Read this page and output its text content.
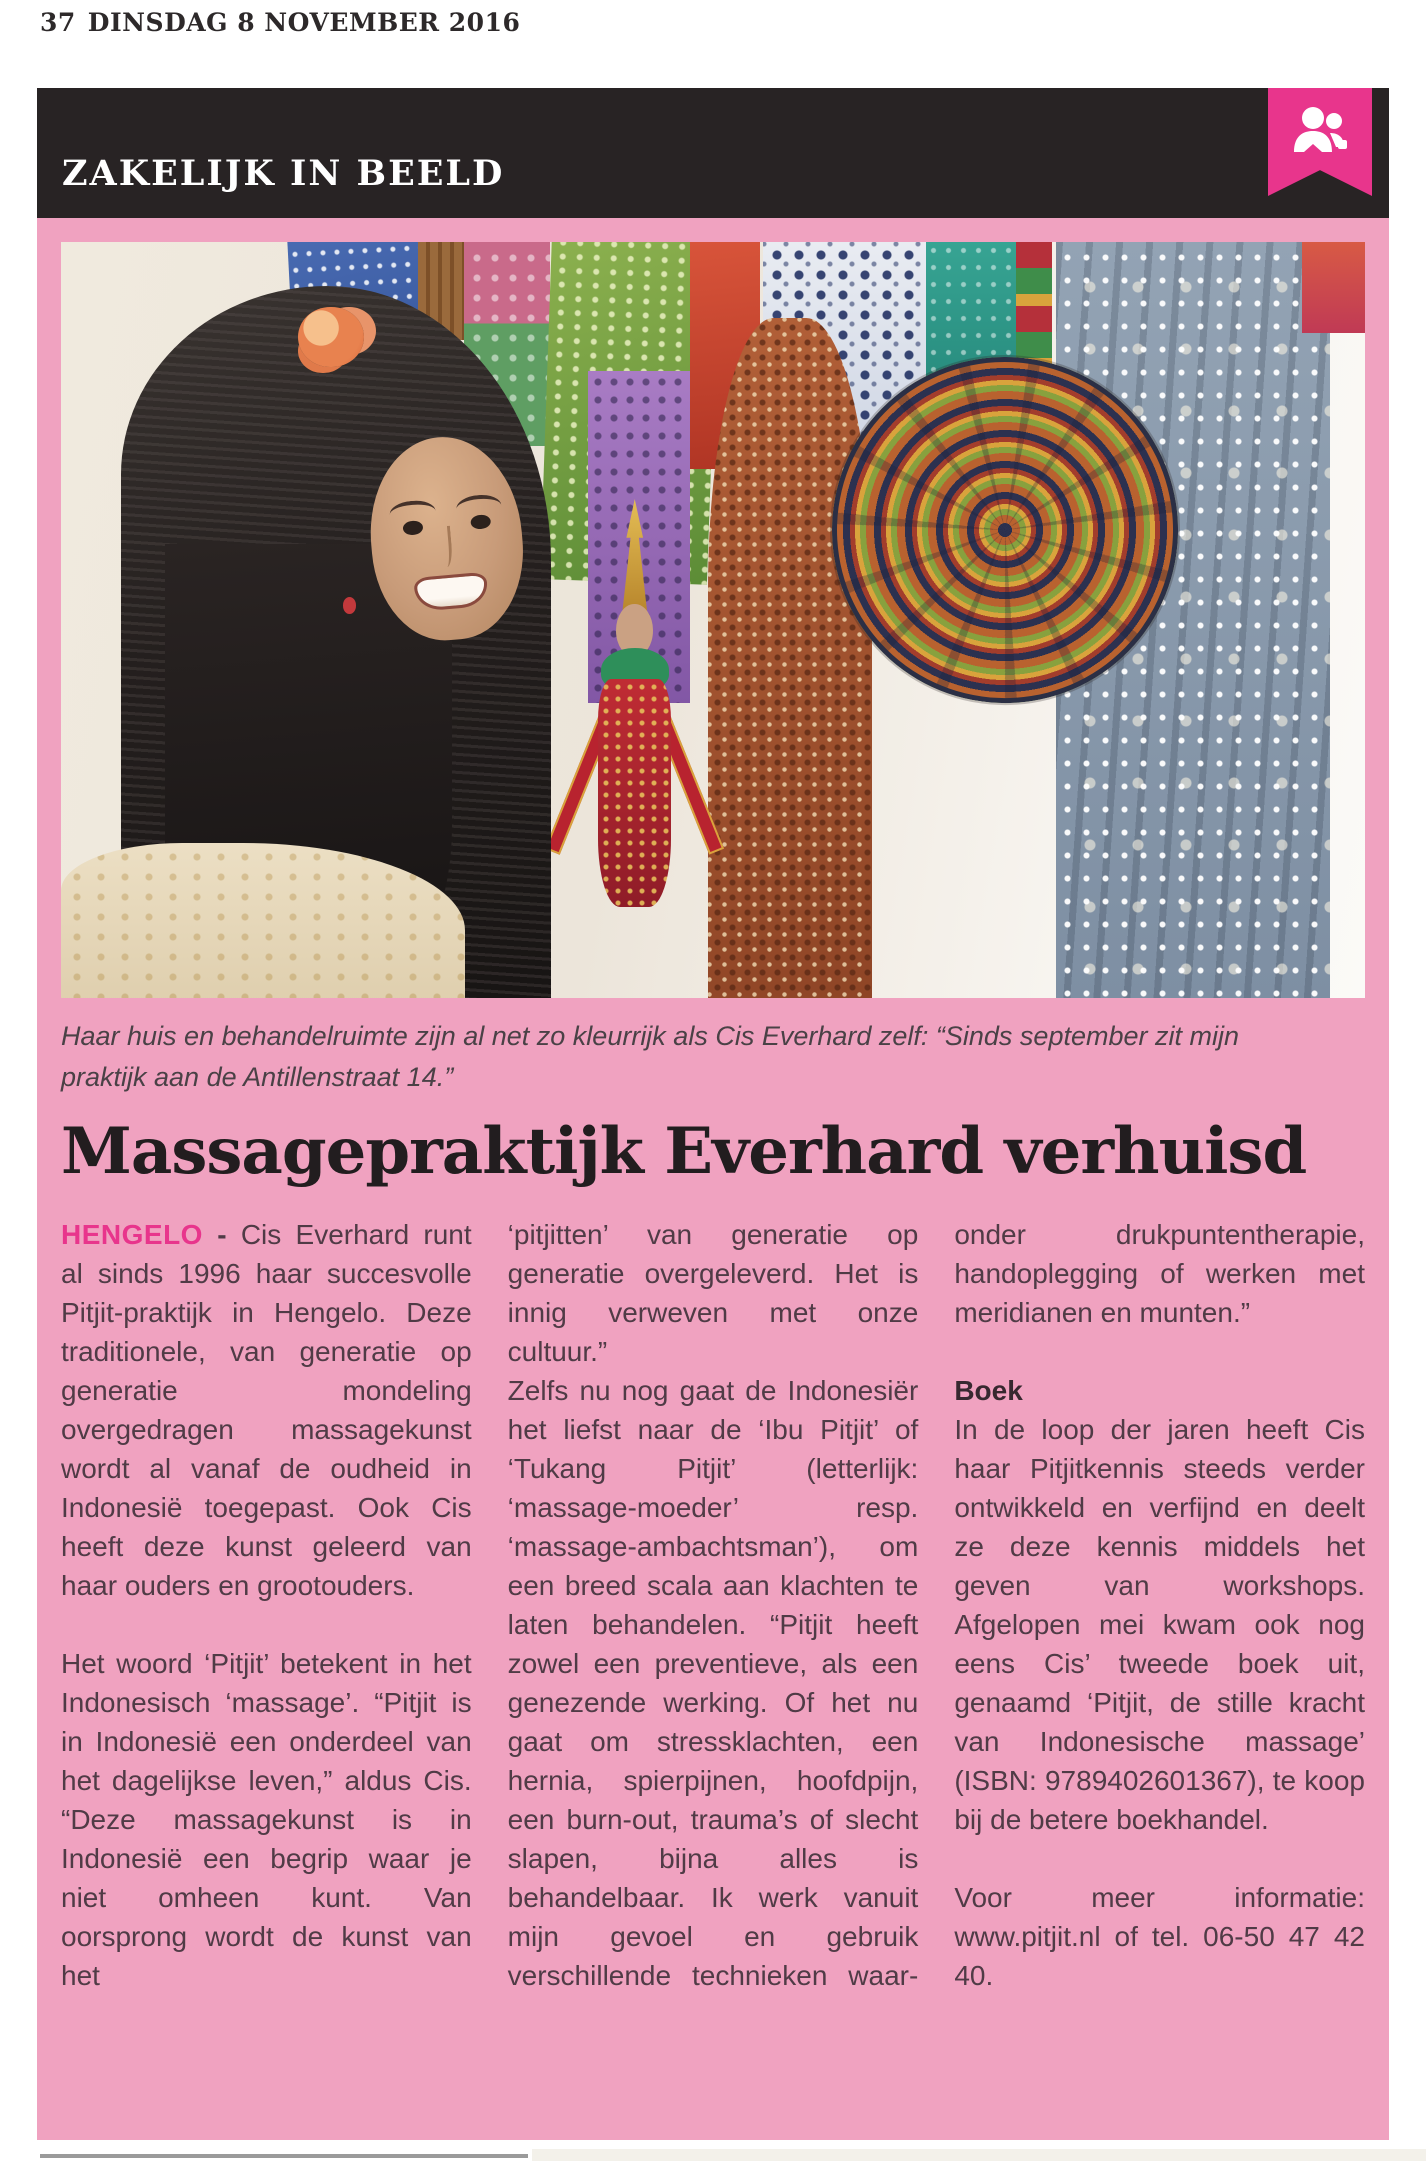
37 DINSDAG 8 NOVEMBER 2016
ZAKELIJK IN BEELD

Haar huis en behandelruimte zijn al net zo kleurrijk als Cis Everhard zelf: “Sinds september zit mijn praktijk aan de Antillenstraat 14.”

Massagepraktijk Everhard verhuisd

HENGELO - Cis Everhard runt al sinds 1996 haar succesvolle Pitjit-praktijk in Hengelo. Deze traditionele, van generatie op generatie mondeling overgedragen massagekunst wordt al vanaf de oudheid in Indonesië toegepast. Ook Cis heeft deze kunst geleerd van haar ouders en grootouders.

Het woord ‘Pitjit’ betekent in het Indonesisch ‘massage’. “Pitjit is in Indonesië een onderdeel van het dagelijkse leven,” aldus Cis. “Deze massagekunst is in Indonesië een begrip waar je niet omheen kunt. Van oorsprong wordt de kunst van het

‘pitjitten’ van generatie op generatie overgeleverd. Het is innig verweven met onze cultuur.”

Zelfs nu nog gaat de Indonesiër het liefst naar de ‘Ibu Pitjit’ of ‘Tukang Pitjit’ (letterlijk: ‘massage-moeder’ resp. ‘massage-ambachtsman’), om een breed scala aan klachten te laten behandelen. “Pitjit heeft zowel een preventieve, als een genezende werking. Of het nu gaat om stressklachten, een hernia, spierpijnen, hoofdpijn, een burn-out, trauma’s of slecht slapen, bijna alles is behandelbaar. Ik werk vanuit mijn gevoel en gebruik verschillende technieken waar-

onder drukpuntentherapie, handoplegging of werken met meridianen en munten.”

Boek

In de loop der jaren heeft Cis haar Pitjitkennis steeds verder ontwikkeld en verfijnd en deelt ze deze kennis middels het geven van workshops. Afgelopen mei kwam ook nog eens Cis’ tweede boek uit, genaamd ‘Pitjit, de stille kracht van Indonesische massage’ (ISBN: 9789402601367), te koop bij de betere boekhandel.

Voor meer informatie: www.pitjit.nl of tel. 06-50 47 42 40.
